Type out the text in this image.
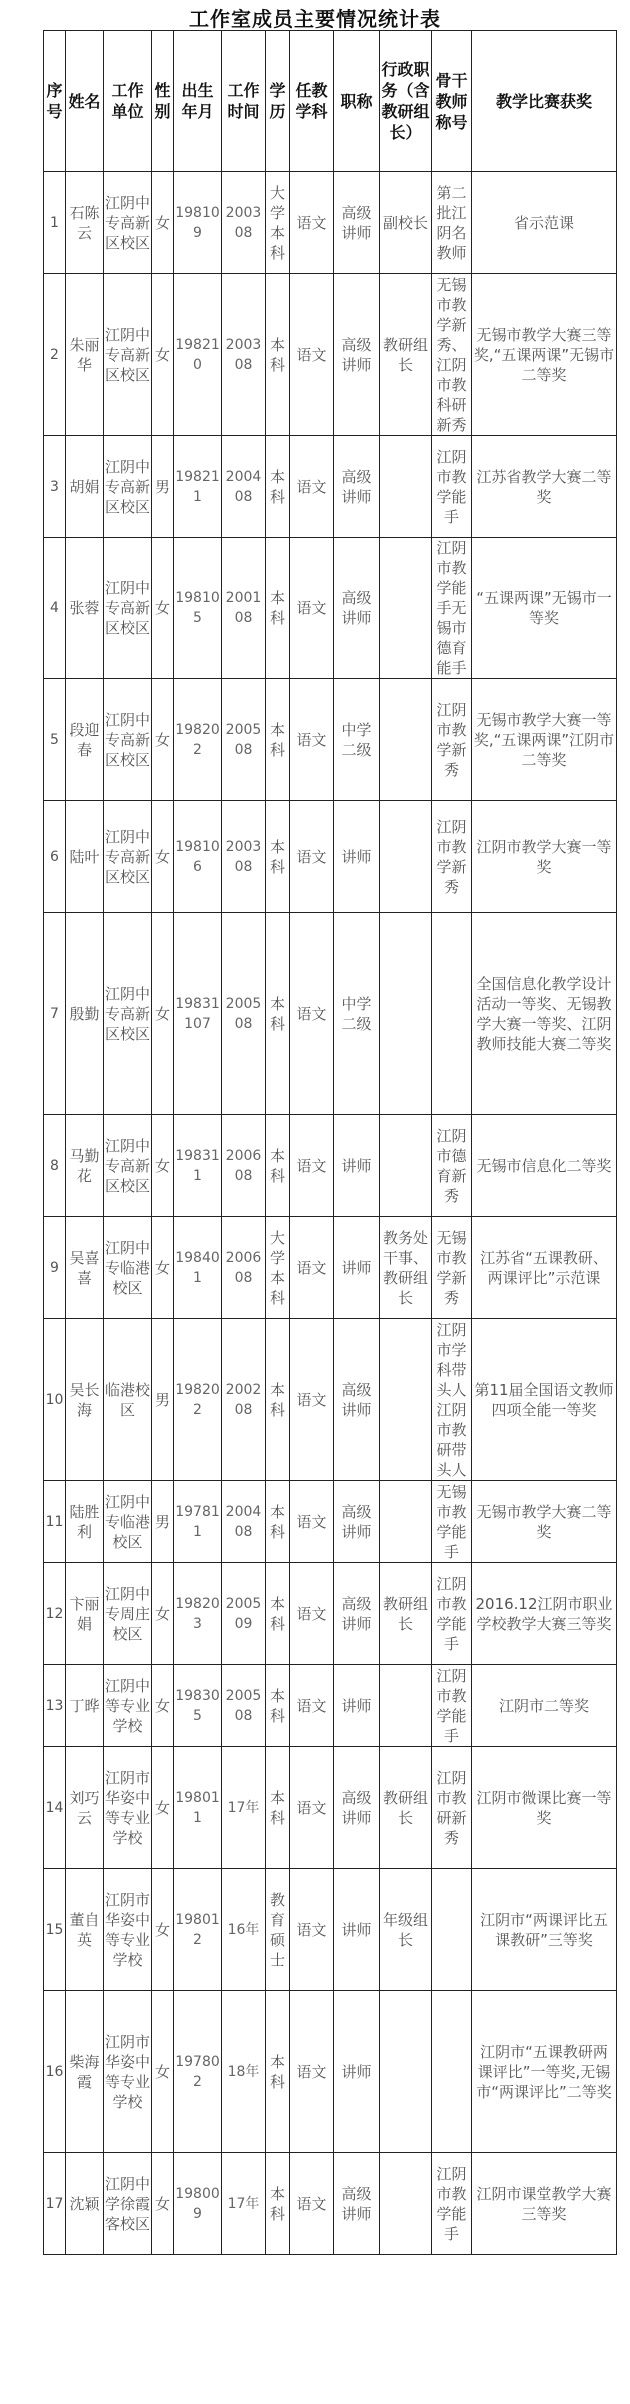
工作室成员主要情况统计表
序号	姓名	工作单位	性别	出生年月	工作时间	学历	任教学科	职称	行政职务（含教研组长）	骨干教师称号	教学比赛获奖
1	石陈云	江阴中专高新区校区	女	198109	200308	大学本科	语文	高级讲师	副校长	第二批江阴名教师	省示范课
2	朱丽华	江阴中专高新区校区	女	198210	200308	本科	语文	高级讲师	教研组长	无锡市教学新秀、江阴市教科研新秀	无锡市教学大赛三等奖,“五课两课”无锡市二等奖
3	胡娟	江阴中专高新区校区	男	198211	200408	本科	语文	高级讲师		江阴市教学能手	江苏省教学大赛二等奖
4	张蓉	江阴中专高新区校区	女	198105	200108	本科	语文	高级讲师		江阴市教学能手无锡市德育能手	“五课两课”无锡市一等奖
5	段迎春	江阴中专高新区校区	女	198202	200508	本科	语文	中学二级		江阴市教学新秀	无锡市教学大赛一等奖,“五课两课”江阴市二等奖
6	陆叶	江阴中专高新区校区	女	198106	200308	本科	语文	讲师		江阴市教学新秀	江阴市教学大赛一等奖
7	殷勤	江阴中专高新区校区	女	19831107	200508	本科	语文	中学二级			全国信息化教学设计活动一等奖、无锡教学大赛一等奖、江阴教师技能大赛二等奖
8	马勤花	江阴中专高新区校区	女	198311	200608	本科	语文	讲师		江阴市德育新秀	无锡市信息化二等奖
9	吴喜喜	江阴中专临港校区	女	198401	200608	大学本科	语文	讲师	教务处干事、教研组长	无锡市教学新秀	江苏省“五课教研、两课评比”示范课
10	吴长海	临港校区	男	198202	200208	本科	语文	高级讲师		江阴市学科带头人江阴市教研带头人	第11届全国语文教师四项全能一等奖
11	陆胜利	江阴中专临港校区	男	197811	200408	本科	语文	高级讲师		无锡市教学能手	无锡市教学大赛二等奖
12	卞丽娟	江阴中专周庄校区	女	198203	200509	本科	语文	高级讲师	教研组长	江阴市教学能手	2016.12江阴市职业学校教学大赛三等奖
13	丁晔	江阴中等专业学校	女	198305	200508	本科	语文	讲师		江阴市教学能手	江阴市二等奖
14	刘巧云	江阴市华姿中等专业学校	女	198011	17年	本科	语文	高级讲师	教研组长	江阴市教研新秀	江阴市微课比赛一等奖
15	董自英	江阴市华姿中等专业学校	女	198012	16年	教育硕士	语文	讲师	年级组长		江阴市“两课评比五课教研”三等奖
16	柴海霞	江阴市华姿中等专业学校	女	197802	18年	本科	语文	讲师			江阴市“五课教研两课评比”一等奖,无锡市“两课评比”二等奖
17	沈颖	江阴中学徐霞客校区	女	198009	17年	本科	语文	高级讲师		江阴市教学能手	江阴市课堂教学大赛三等奖
